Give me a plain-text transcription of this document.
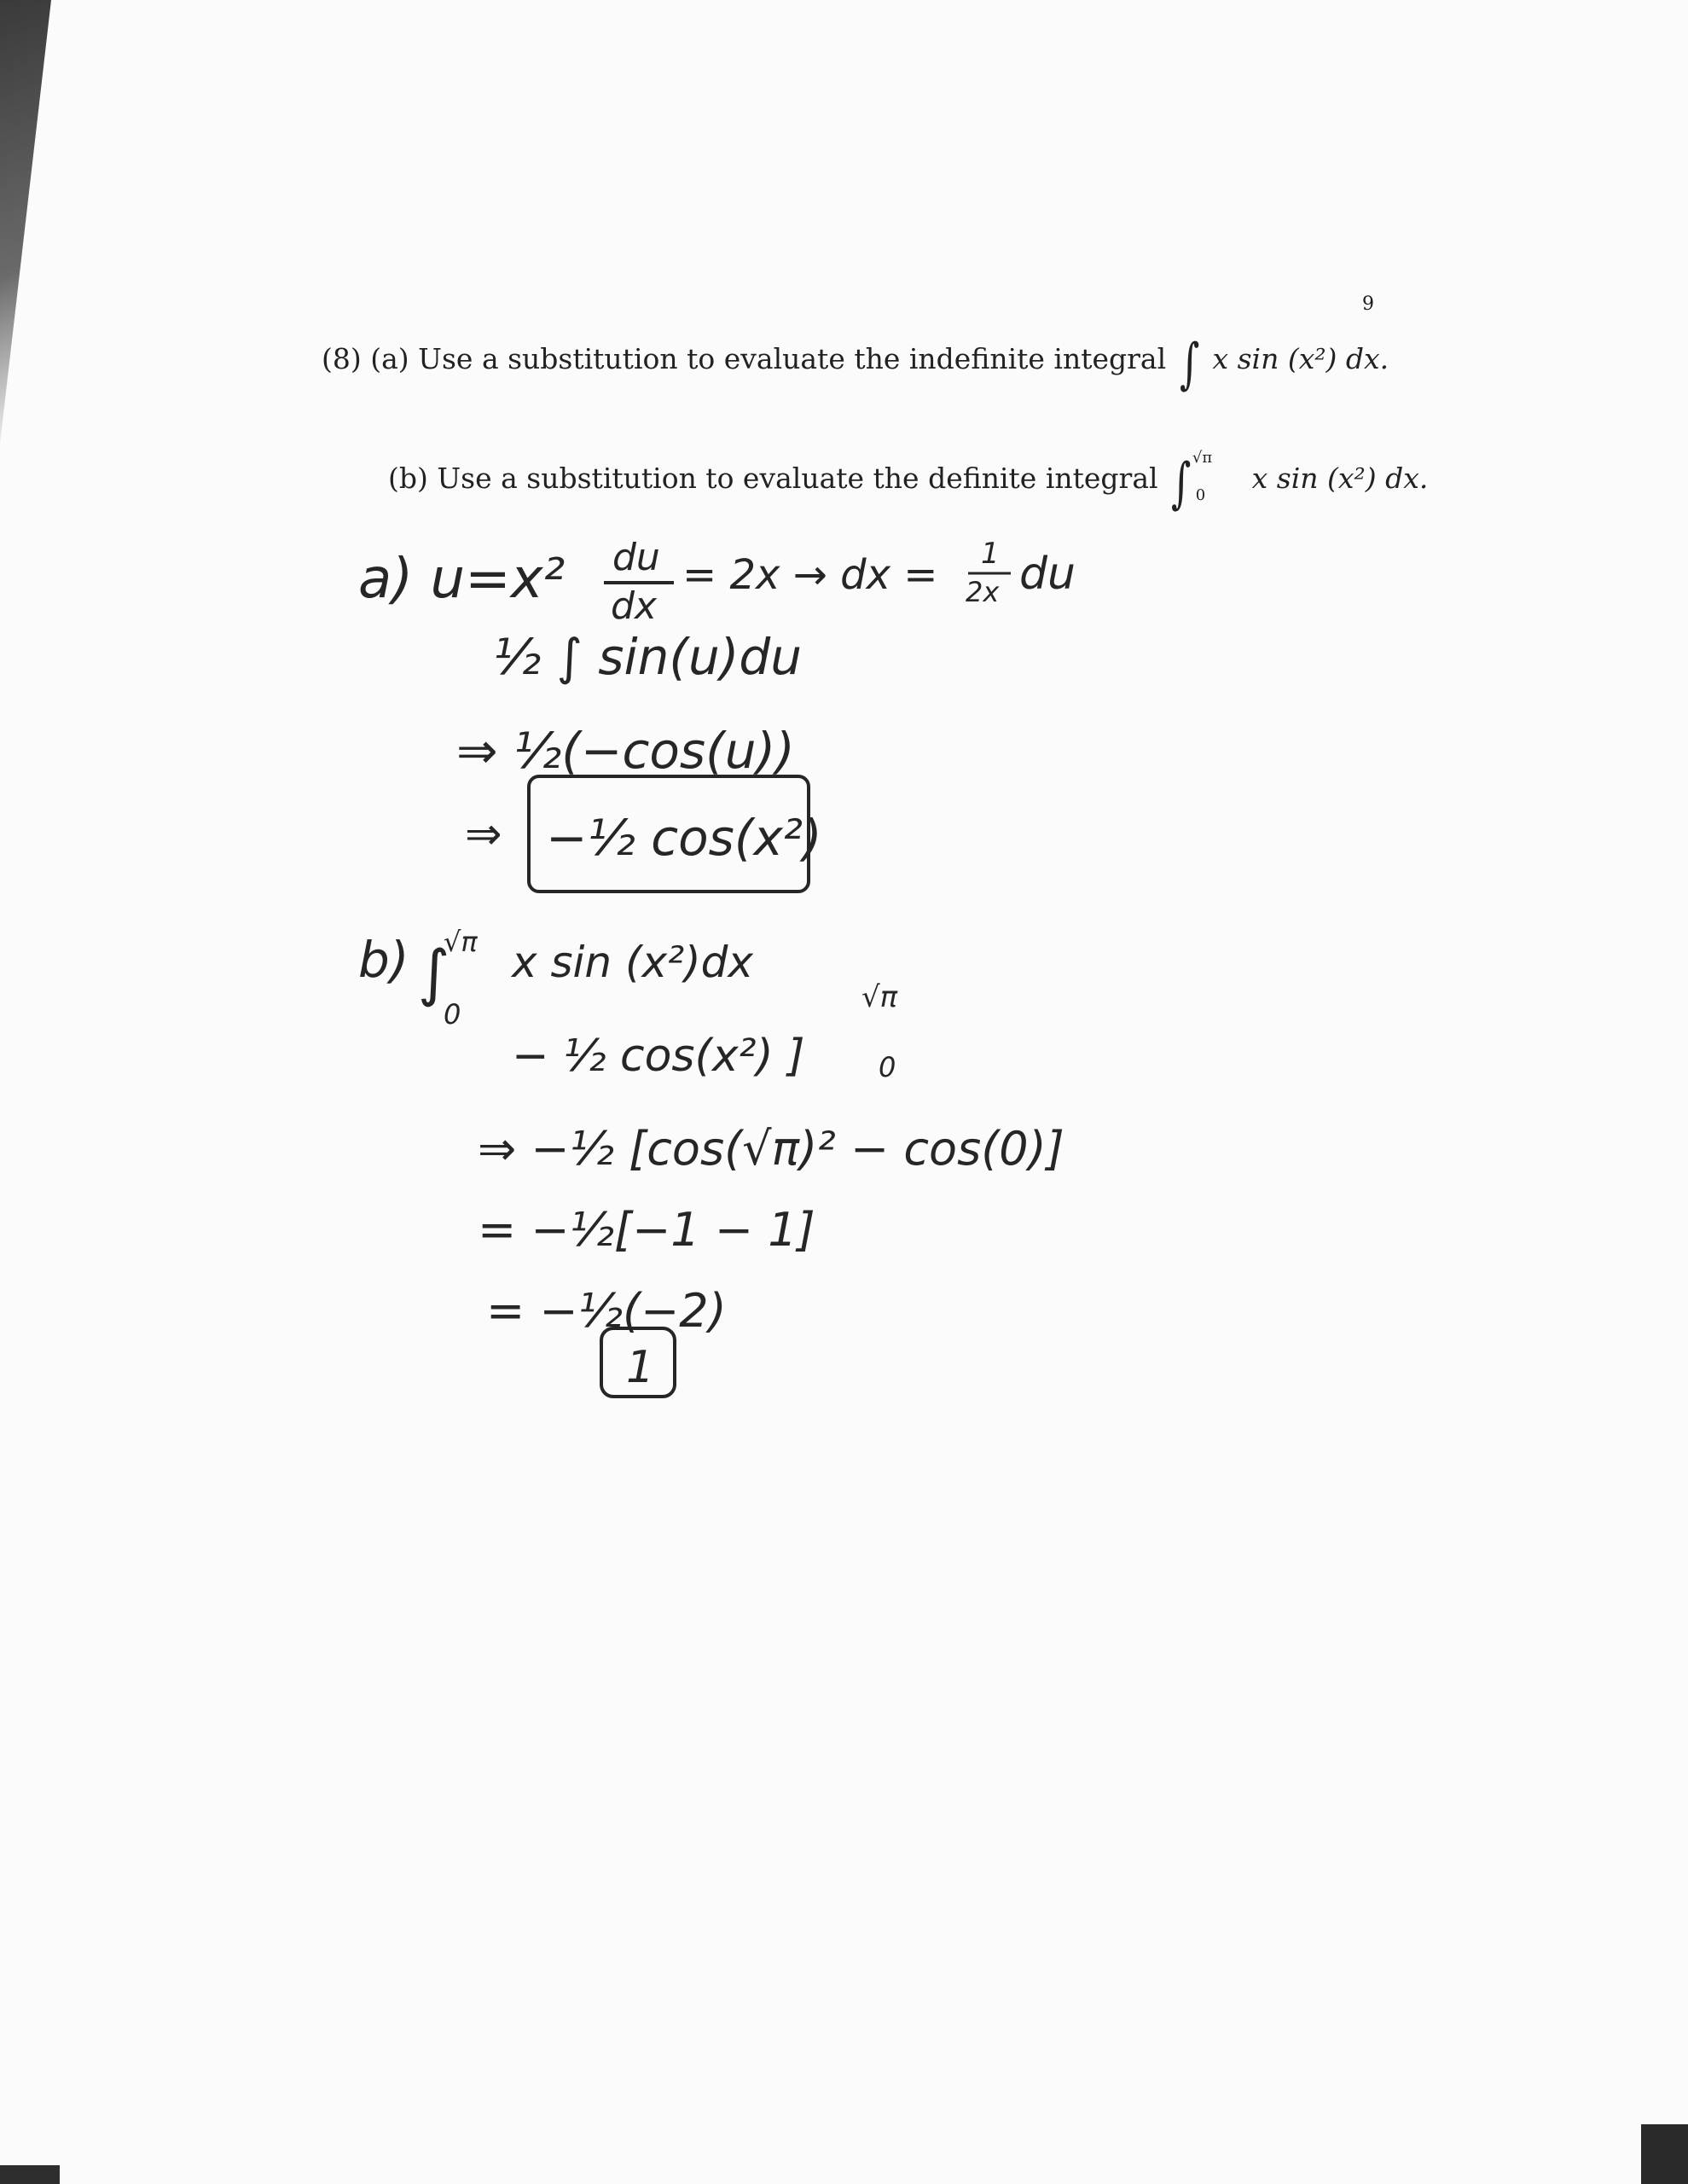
9
(8) (a) Use a substitution to evaluate the indefinite integral ∫ x sin (x²) dx.
(b) Use a substitution to evaluate the definite integral ∫ $^{√\pi}$ $_0$ x sin (x²) dx.
a) u=x² du
dx
= 2x → dx = 1
2x du
½ ∫ sin(u)du
⇒ ½(−cos(u))
⇒ −½ cos(x²)
b) ∫
√π
0
x sin (x²)dx
− ½ cos(x²) ]
√π
0
⇒ −½ [cos(√π)² − cos(0)]
= −½[−1 − 1]
= −½(−2)
1
